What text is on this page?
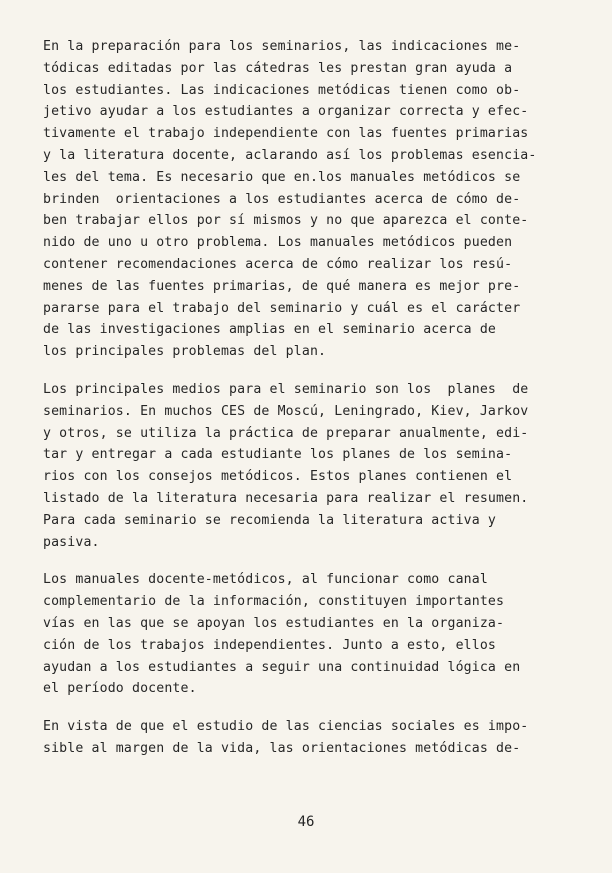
En la preparación para los seminarios, las indicaciones me-
tódicas editadas por las cátedras les prestan gran ayuda a
los estudiantes. Las indicaciones metódicas tienen como ob-
jetivo ayudar a los estudiantes a organizar correcta y efec-
tivamente el trabajo independiente con las fuentes primarias
y la literatura docente, aclarando así los problemas esencia-
les del tema. Es necesario que en.los manuales metódicos se
brinden  orientaciones a los estudiantes acerca de cómo de-
ben trabajar ellos por sí mismos y no que aparezca el conte-
nido de uno u otro problema. Los manuales metódicos pueden
contener recomendaciones acerca de cómo realizar los resú-
menes de las fuentes primarias, de qué manera es mejor pre-
pararse para el trabajo del seminario y cuál es el carácter
de las investigaciones amplias en el seminario acerca de
los principales problemas del plan.
Los principales medios para el seminario son los  planes  de
seminarios. En muchos CES de Moscú, Leningrado, Kiev, Jarkov
y otros, se utiliza la práctica de preparar anualmente, edi-
tar y entregar a cada estudiante los planes de los semina-
rios con los consejos metódicos. Estos planes contienen el
listado de la literatura necesaria para realizar el resumen.
Para cada seminario se recomienda la literatura activa y
pasiva.
Los manuales docente-metódicos, al funcionar como canal
complementario de la información, constituyen importantes
vías en las que se apoyan los estudiantes en la organiza-
ción de los trabajos independientes. Junto a esto, ellos
ayudan a los estudiantes a seguir una continuidad lógica en
el período docente.
En vista de que el estudio de las ciencias sociales es impo-
sible al margen de la vida, las orientaciones metódicas de-
46
